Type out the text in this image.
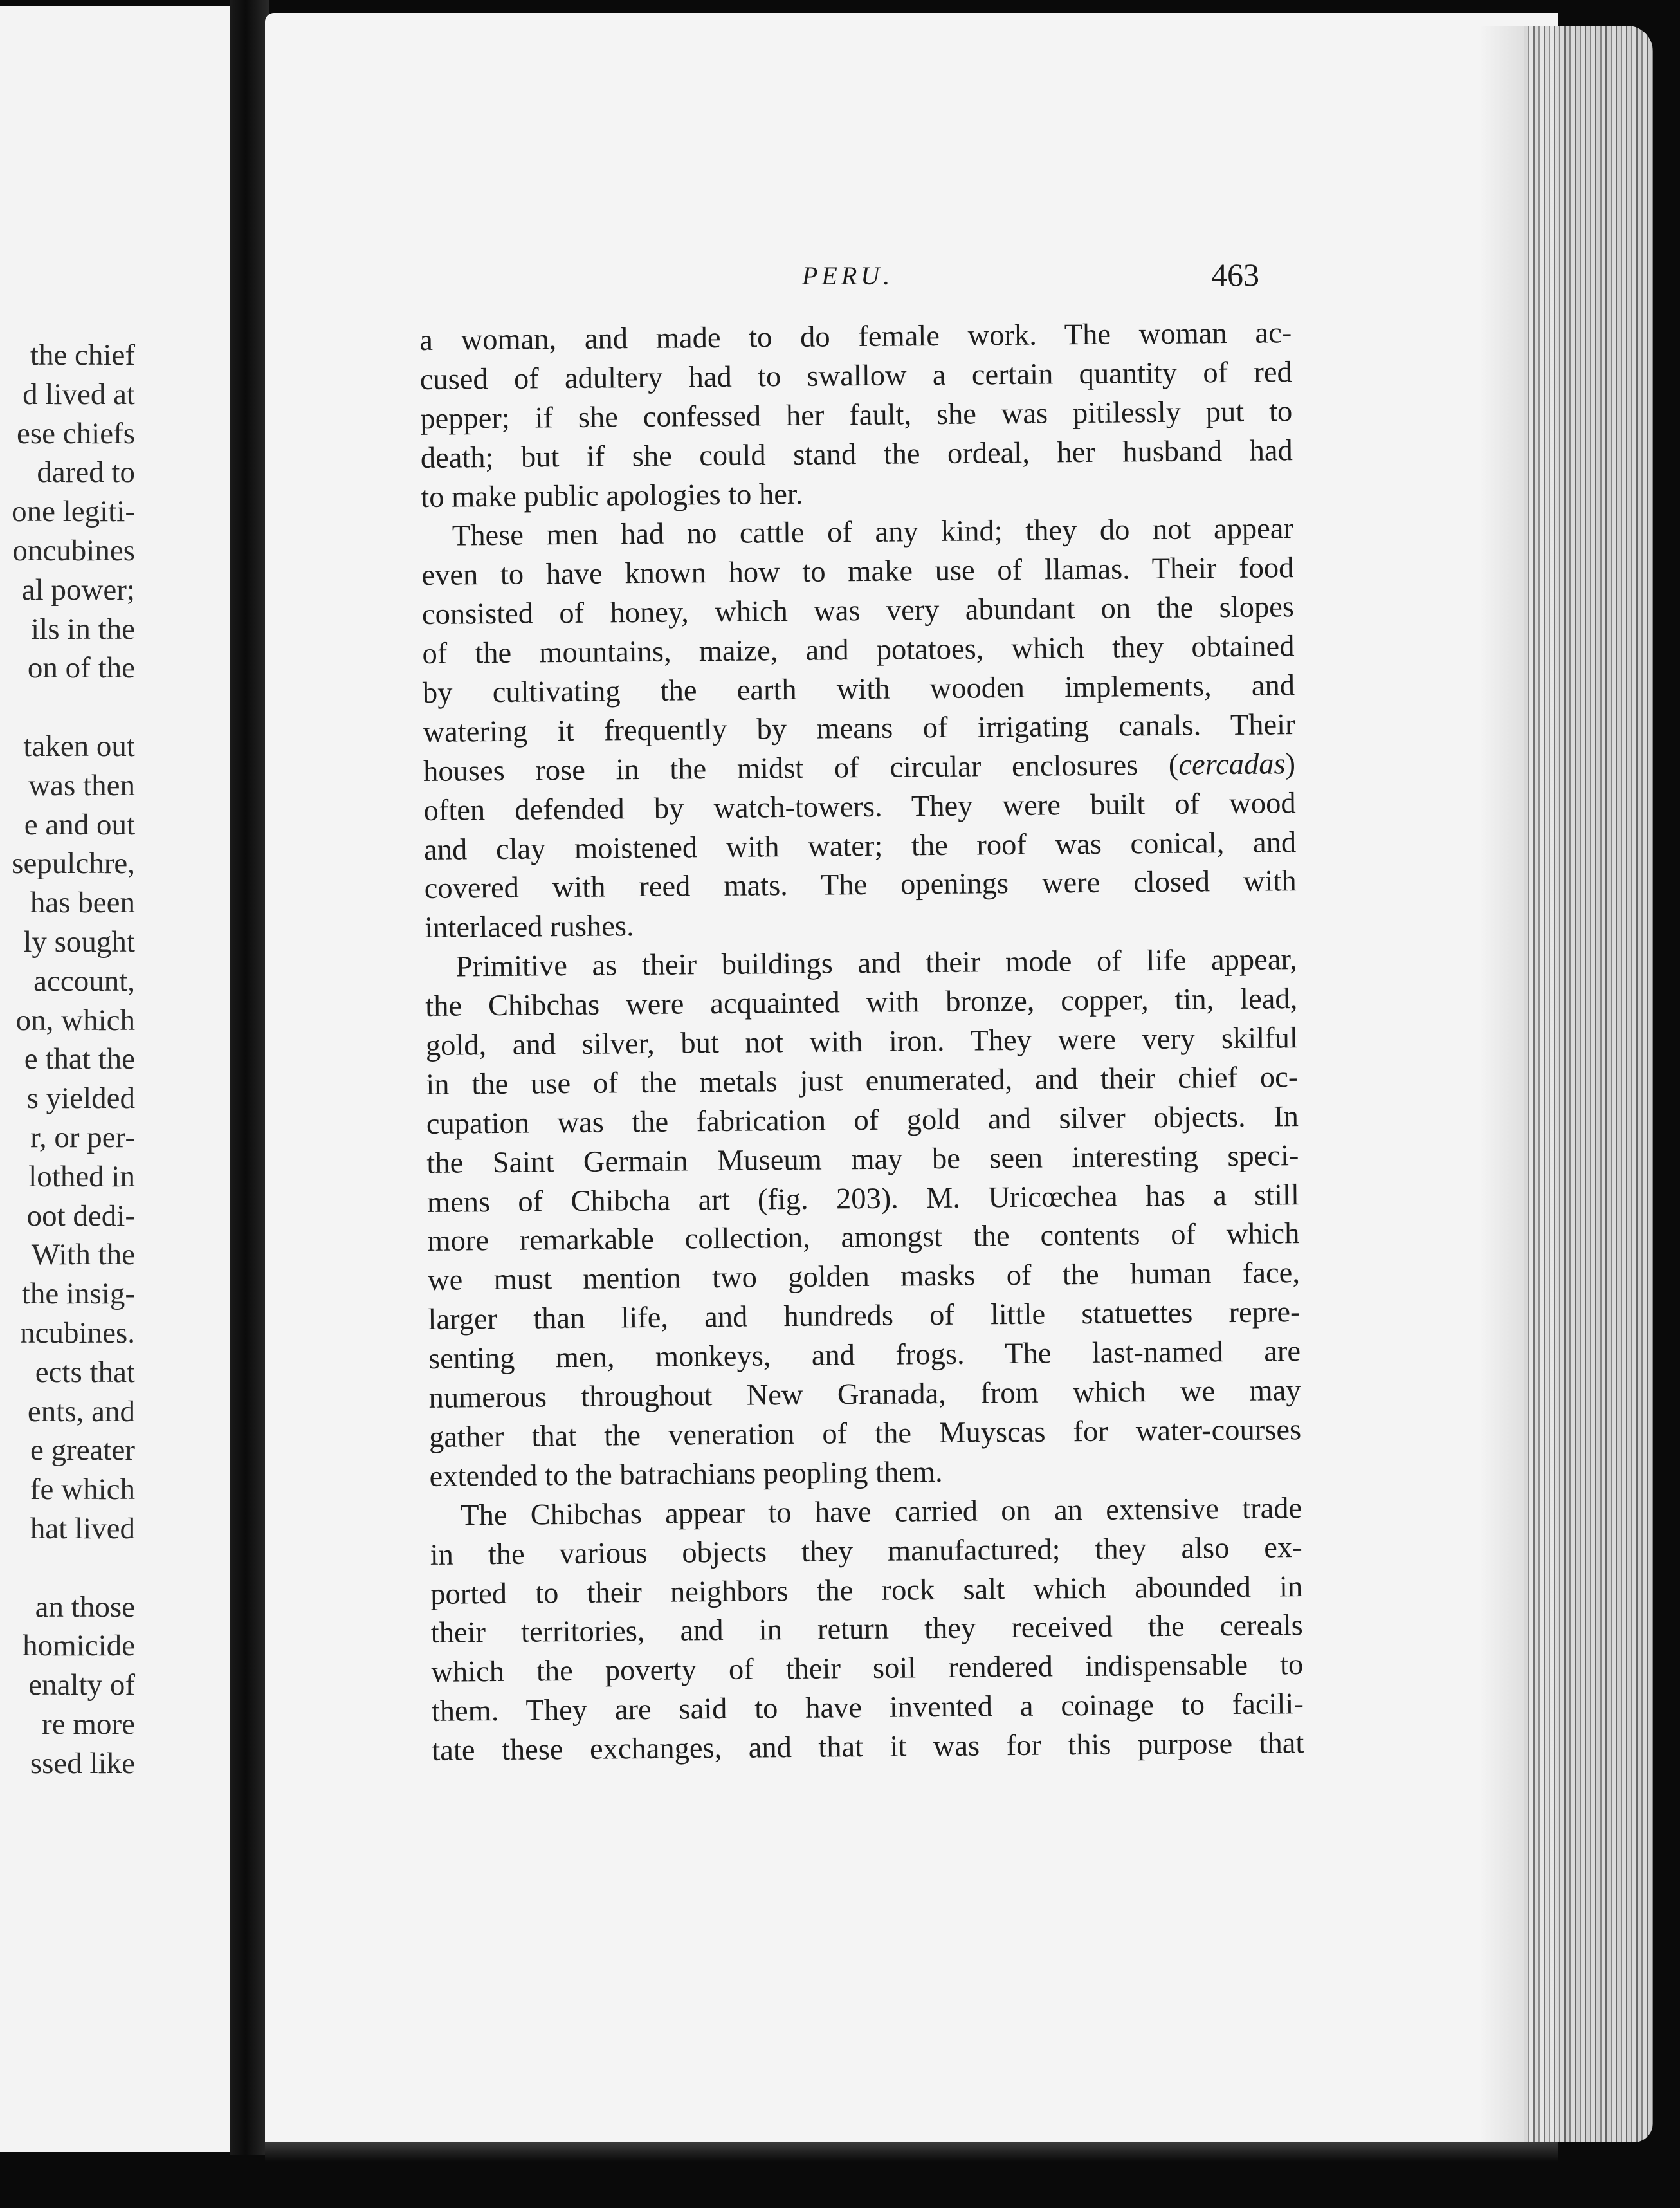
the chief
d lived at
ese chiefs
dared to
one legiti-
oncubines
al power;
ils in the
on of the
taken out
was then
e and out
sepulchre,
has been
ly sought
account,
on, which
e that the
s yielded
r, or per-
lothed in
oot dedi-
With the
the insig-
ncubines.
ects that
ents, and
e greater
fe which
hat lived
an those
homicide
enalty of
re more
ssed like
PERU.	463
a woman, and made to do female work. The woman ac-
cused of adultery had to swallow a certain quantity of red
pepper; if she confessed her fault, she was pitilessly put to
death; but if she could stand the ordeal, her husband had
to make public apologies to her.
These men had no cattle of any kind; they do not appear
even to have known how to make use of llamas. Their food
consisted of honey, which was very abundant on the slopes
of the mountains, maize, and potatoes, which they obtained
by cultivating the earth with wooden implements, and
watering it frequently by means of irrigating canals. Their
houses rose in the midst of circular enclosures (cercadas)
often defended by watch-towers. They were built of wood
and clay moistened with water; the roof was conical, and
covered with reed mats. The openings were closed with
interlaced rushes.
Primitive as their buildings and their mode of life appear,
the Chibchas were acquainted with bronze, copper, tin, lead,
gold, and silver, but not with iron. They were very skilful
in the use of the metals just enumerated, and their chief oc-
cupation was the fabrication of gold and silver objects. In
the Saint Germain Museum may be seen interesting speci-
mens of Chibcha art (fig. 203). M. Uricœchea has a still
more remarkable collection, amongst the contents of which
we must mention two golden masks of the human face,
larger than life, and hundreds of little statuettes repre-
senting men, monkeys, and frogs. The last-named are
numerous throughout New Granada, from which we may
gather that the veneration of the Muyscas for water-courses
extended to the batrachians peopling them.
The Chibchas appear to have carried on an extensive trade
in the various objects they manufactured; they also ex-
ported to their neighbors the rock salt which abounded in
their territories, and in return they received the cereals
which the poverty of their soil rendered indispensable to
them. They are said to have invented a coinage to facili-
tate these exchanges, and that it was for this purpose that
